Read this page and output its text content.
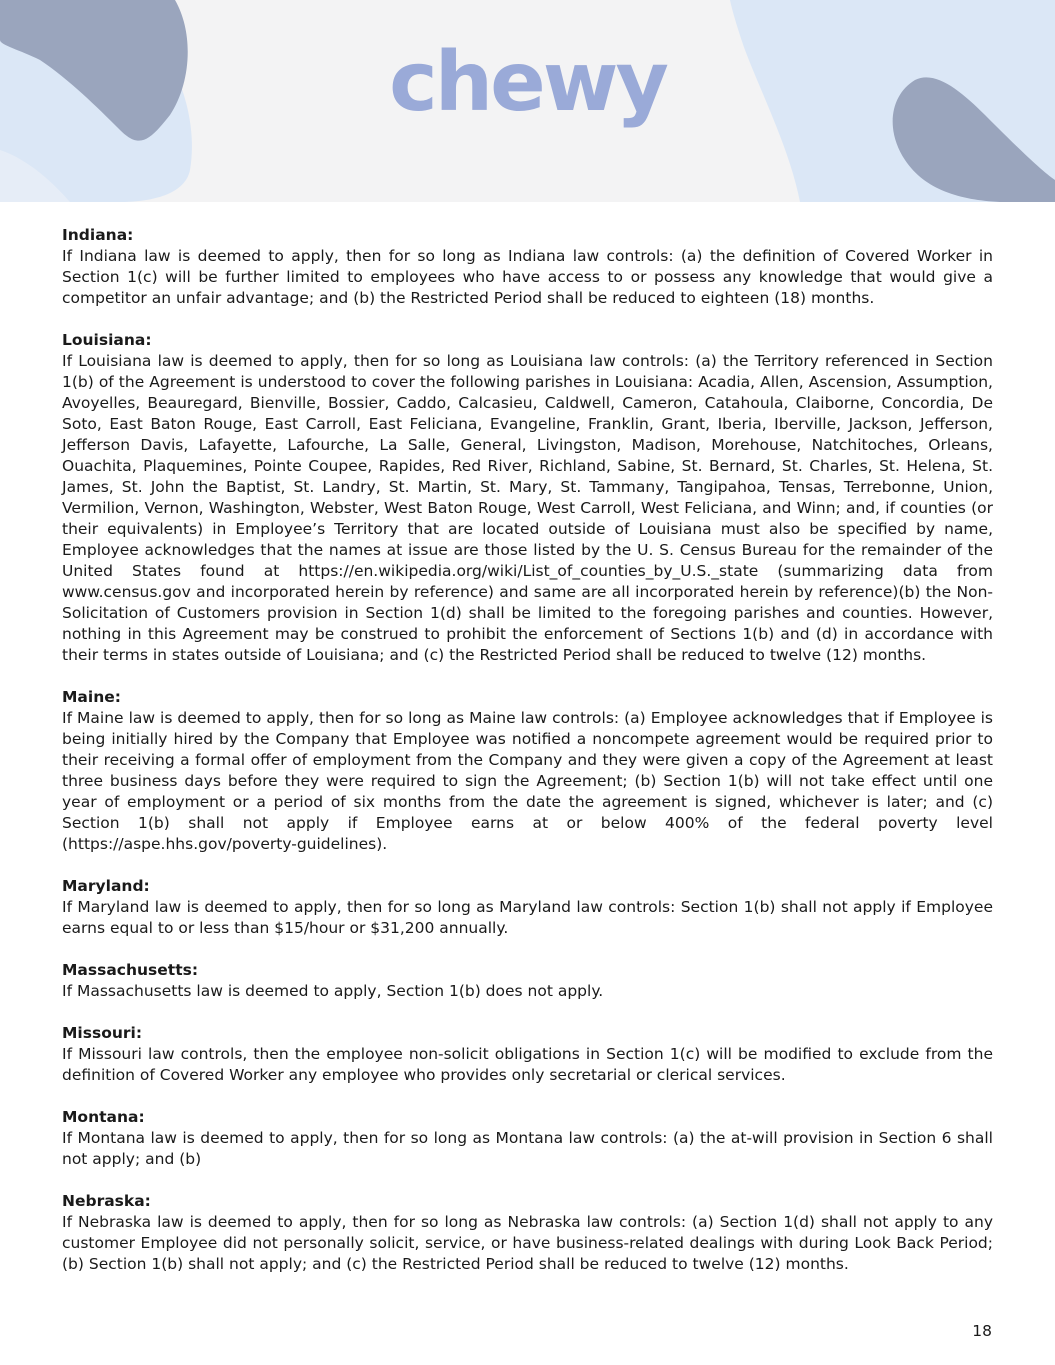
chewy
Indiana:

If Indiana law is deemed to apply, then for so long as Indiana law controls: (a) the definition of Covered Worker in Section 1(c) will be further limited to employees who have access to or possess any knowledge that would give a competitor an unfair advantage; and (b) the Restricted Period shall be reduced to eighteen (18) months.

Louisiana:

If Louisiana law is deemed to apply, then for so long as Louisiana law controls: (a) the Territory referenced in Section 1(b) of the Agreement is understood to cover the following parishes in Louisiana: Acadia, Allen, Ascension, Assumption, Avoyelles, Beauregard, Bienville, Bossier, Caddo, Calcasieu, Caldwell, Cameron, Catahoula, Claiborne, Concordia, De Soto, East Baton Rouge, East Carroll, East Feliciana, Evangeline, Franklin, Grant, Iberia, Iberville, Jackson, Jefferson, Jefferson Davis, Lafayette, Lafourche, La Salle, General, Livingston, Madison, Morehouse, Natchitoches, Orleans, Ouachita, Plaquemines, Pointe Coupee, Rapides, Red River, Richland, Sabine, St. Bernard, St. Charles, St. Helena, St. James, St. John the Baptist, St. Landry, St. Martin, St. Mary, St. Tammany, Tangipahoa, Tensas, Terrebonne, Union, Vermilion, Vernon, Washington, Webster, West Baton Rouge, West Carroll, West Feliciana, and Winn; and, if counties (or their equivalents) in Employee’s Territory that are located outside of Louisiana must also be specified by name, Employee acknowledges that the names at issue are those listed by the U. S. Census Bureau for the remainder of the United States found at https://en.wikipedia.org/wiki/List_of_counties_by_U.S._state (summarizing data from www.census.gov and incorporated herein by reference) and same are all incorporated herein by reference)(b) the Non-Solicitation of Customers provision in Section 1(d) shall be limited to the foregoing parishes and counties. However, nothing in this Agreement may be construed to prohibit the enforcement of Sections 1(b) and (d) in accordance with their terms in states outside of Louisiana; and (c) the Restricted Period shall be reduced to twelve (12) months.

Maine:

If Maine law is deemed to apply, then for so long as Maine law controls: (a) Employee acknowledges that if Employee is being initially hired by the Company that Employee was notified a noncompete agreement would be required prior to their receiving a formal offer of employment from the Company and they were given a copy of the Agreement at least three business days before they were required to sign the Agreement; (b) Section 1(b) will not take effect until one year of employment or a period of six months from the date the agreement is signed, whichever is later; and (c) Section 1(b) shall not apply if Employee earns at or below 400% of the federal poverty level (https://aspe.hhs.gov/poverty-guidelines).

Maryland:

If Maryland law is deemed to apply, then for so long as Maryland law controls: Section 1(b) shall not apply if Employee earns equal to or less than $15/hour or $31,200 annually.

Massachusetts:

If Massachusetts law is deemed to apply, Section 1(b) does not apply.

Missouri:

If Missouri law controls, then the employee non-solicit obligations in Section 1(c) will be modified to exclude from the definition of Covered Worker any employee who provides only secretarial or clerical services.

Montana:

If Montana law is deemed to apply, then for so long as Montana law controls: (a) the at-will provision in Section 6 shall not apply; and (b)

Nebraska:

If Nebraska law is deemed to apply, then for so long as Nebraska law controls: (a) Section 1(d) shall not apply to any customer Employee did not personally solicit, service, or have business-related dealings with during Look Back Period; (b) Section 1(b) shall not apply; and (c) the Restricted Period shall be reduced to twelve (12) months.

18
